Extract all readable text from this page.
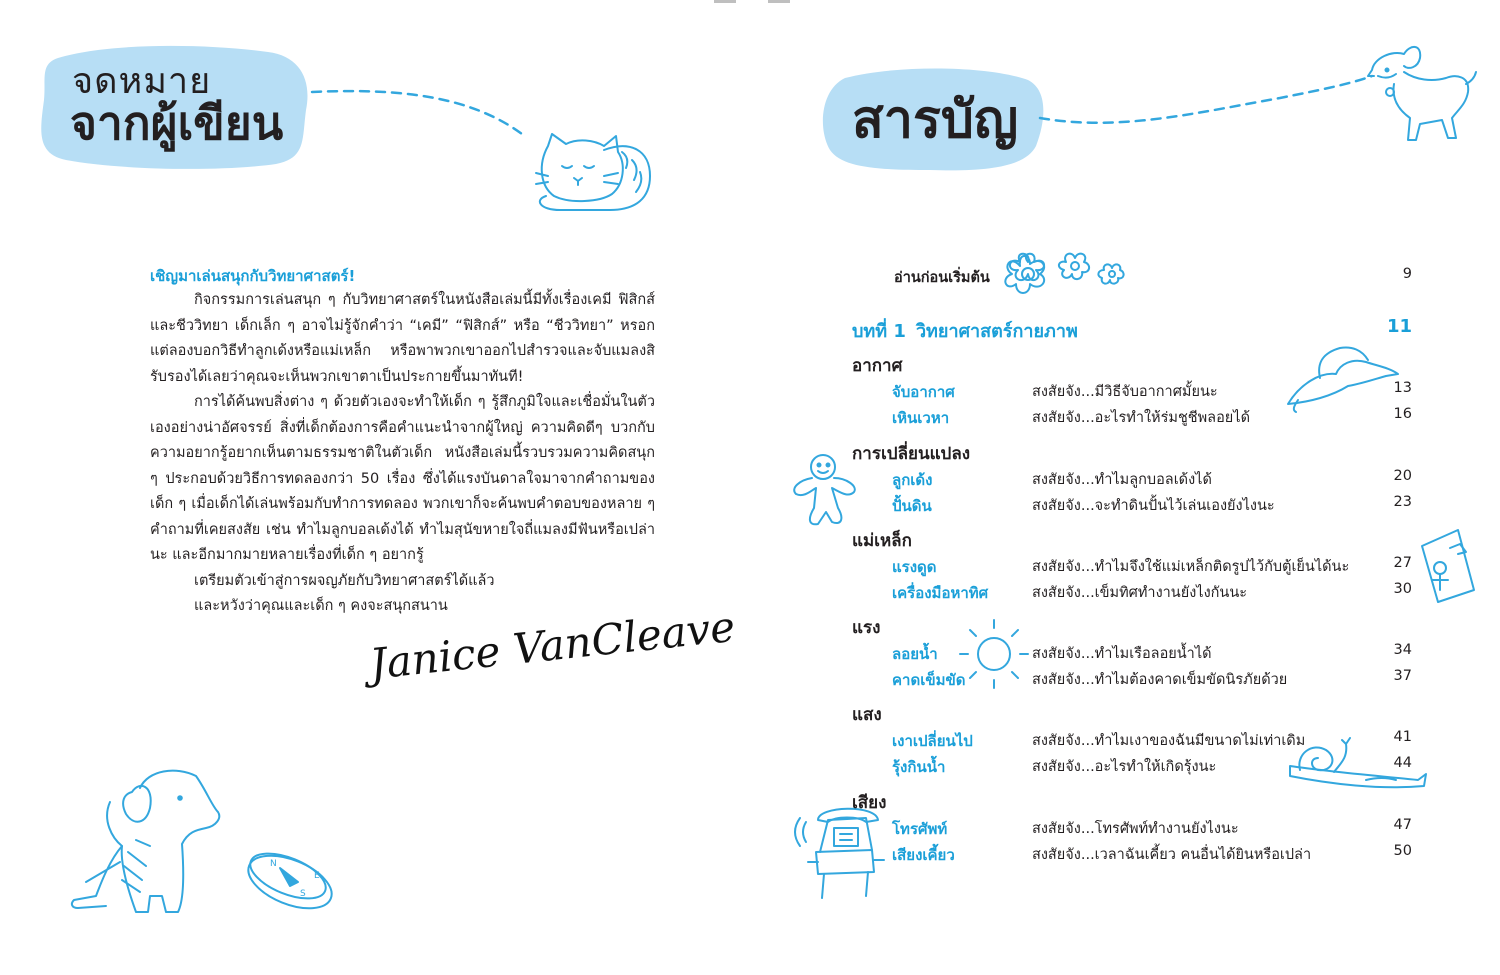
N
S
E
จดหมาย
จากผู้เขียน
เชิญมาเล่นสนุกกับวิทยาศาสตร์!

กิจกรรมการเล่นสนุก ๆ กับวิทยาศาสตร์ในหนังสือเล่มนี้มีทั้งเรื่องเคมี ฟิสิกส์และชีววิทยา เด็กเล็ก ๆ อาจไม่รู้จักคำว่า “เคมี” “ฟิสิกส์” หรือ “ชีววิทยา” หรอกแต่ลองบอกวิธีทำลูกเด้งหรือแม่เหล็ก หรือพาพวกเขาออกไปสำรวจและจับแมลงสิ รับรองได้เลยว่าคุณจะเห็นพวกเขาตาเป็นประกายขึ้นมาทันที!

การได้ค้นพบสิ่งต่าง ๆ ด้วยตัวเองจะทำให้เด็ก ๆ รู้สึกภูมิใจและเชื่อมั่นในตัวเองอย่างน่าอัศจรรย์ สิ่งที่เด็กต้องการคือคำแนะนำจากผู้ใหญ่ ความคิดดีๆ บวกกับความอยากรู้อยากเห็นตามธรรมชาติในตัวเด็ก หนังสือเล่มนี้รวบรวมความคิดสนุก ๆ ประกอบด้วยวิธีการทดลองกว่า 50 เรื่อง ซึ่งได้แรงบันดาลใจมาจากคำถามของเด็ก ๆ เมื่อเด็กได้เล่นพร้อมกับทำการทดลอง พวกเขาก็จะค้นพบคำตอบของหลาย ๆ คำถามที่เคยสงสัย เช่น ทำไมลูกบอลเด้งได้ ทำไมสุนัขหายใจถี่แมลงมีฟันหรือเปล่านะ และอีกมากมายหลายเรื่องที่เด็ก ๆ อยากรู้

เตรียมตัวเข้าสู่การผจญภัยกับวิทยาศาสตร์ได้แล้ว

และหวังว่าคุณและเด็ก ๆ คงจะสนุกสนาน

Janice VanCleave
สารบัญ
อ่านก่อนเริ่มต้น	9
บทที่ 1 วิทยาศาสตร์กายภาพ	11
อากาศ
จับอากาศ	สงสัยจัง...มีวิธีจับอากาศมั้ยนะ	13
เหินเวหา	สงสัยจัง...อะไรทำให้ร่มชูชีพลอยได้	16
การเปลี่ยนแปลง
ลูกเด้ง	สงสัยจัง...ทำไมลูกบอลเด้งได้	20
ปั้นดิน	สงสัยจัง...จะทำดินปั้นไว้เล่นเองยังไงนะ	23
แม่เหล็ก
แรงดูด	สงสัยจัง...ทำไมจึงใช้แม่เหล็กติดรูปไว้กับตู้เย็นได้นะ	27
เครื่องมือหาทิศ	สงสัยจัง...เข็มทิศทำงานยังไงกันนะ	30
แรง
ลอยน้ำ	สงสัยจัง...ทำไมเรือลอยน้ำได้	34
คาดเข็มขัด	สงสัยจัง...ทำไมต้องคาดเข็มขัดนิรภัยด้วย	37
แสง
เงาเปลี่ยนไป	สงสัยจัง...ทำไมเงาของฉันมีขนาดไม่เท่าเดิม	41
รุ้งกินน้ำ	สงสัยจัง...อะไรทำให้เกิดรุ้งนะ	44
เสียง
โทรศัพท์	สงสัยจัง...โทรศัพท์ทำงานยังไงนะ	47
เสียงเคี้ยว	สงสัยจัง...เวลาฉันเคี้ยว คนอื่นได้ยินหรือเปล่า	50
